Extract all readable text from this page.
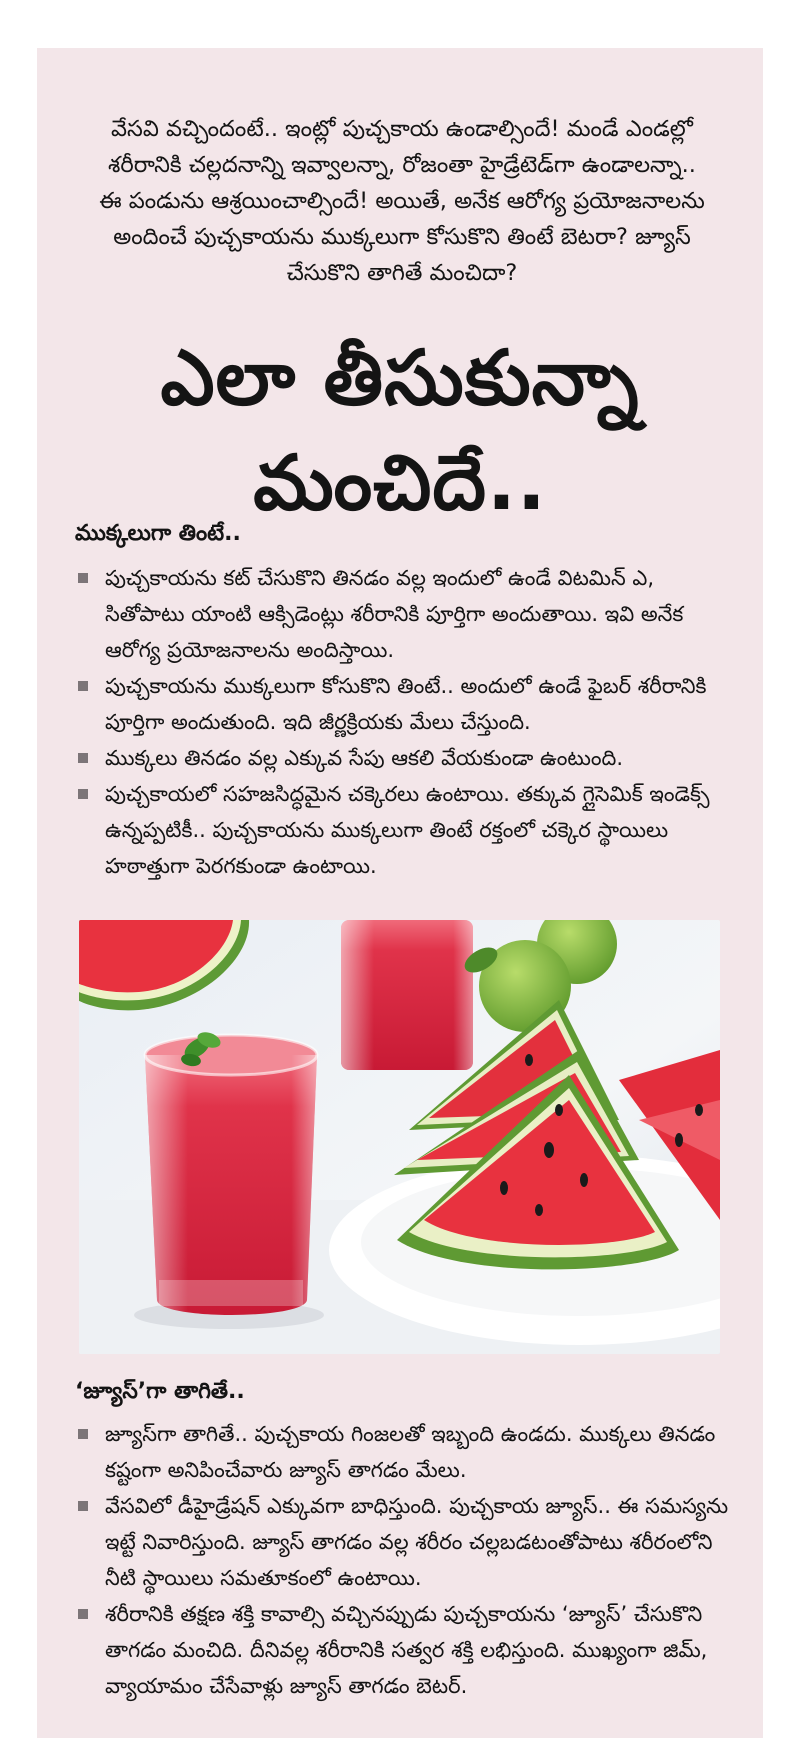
వేసవి వచ్చిందంటే.. ఇంట్లో పుచ్చకాయ ఉండాల్సిందే! మండే ఎండల్లో శరీరానికి చల్లదనాన్ని ఇవ్వాలన్నా, రోజంతా హైడ్రేటెడ్‌గా ఉండాలన్నా.. ఈ పండును ఆశ్రయించాల్సిందే! అయితే, అనేక ఆరోగ్య ప్రయోజనాలను అందించే పుచ్చకాయను ముక్కలుగా కోసుకొని తింటే బెటరా? జ్యూస్ చేసుకొని తాగితే మంచిదా?

ఎలా తీసుకున్నా
మంచిదే..
ముక్కలుగా తింటే..
పుచ్చకాయను కట్ చేసుకొని తినడం వల్ల ఇందులో ఉండే విటమిన్ ఎ, సితోపాటు యాంటి ఆక్సిడెంట్లు శరీరానికి పూర్తిగా అందుతాయి. ఇవి అనేక ఆరోగ్య ప్రయోజనాలను అందిస్తాయి.
పుచ్చకాయను ముక్కలుగా కోసుకొని తింటే.. అందులో ఉండే ఫైబర్ శరీరానికి పూర్తిగా అందుతుంది. ఇది జీర్ణక్రియకు మేలు చేస్తుంది.
ముక్కలు తినడం వల్ల ఎక్కువ సేపు ఆకలి వేయకుండా ఉంటుంది.
పుచ్చకాయలో సహజసిద్ధమైన చక్కెరలు ఉంటాయి. తక్కువ గ్లైసెమిక్ ఇండెక్స్ ఉన్నప్పటికీ.. పుచ్చకాయను ముక్కలుగా తింటే రక్తంలో చక్కెర స్థాయిలు హఠాత్తుగా పెరగకుండా ఉంటాయి.
‘జ్యూస్’గా తాగితే..
జ్యూస్‌గా తాగితే.. పుచ్చకాయ గింజలతో ఇబ్బంది ఉండదు. ముక్కలు తినడం కష్టంగా అనిపించేవారు జ్యూస్ తాగడం మేలు.
వేసవిలో డీహైడ్రేషన్ ఎక్కువగా బాధిస్తుంది. పుచ్చకాయ జ్యూస్.. ఈ సమస్యను ఇట్టే నివారిస్తుంది. జ్యూస్ తాగడం వల్ల శరీరం చల్లబడటంతోపాటు శరీరంలోని నీటి స్థాయిలు సమతూకంలో ఉంటాయి.
శరీరానికి తక్షణ శక్తి కావాల్సి వచ్చినప్పుడు పుచ్చకాయను ‘జ్యూస్’ చేసుకొని తాగడం మంచిది. దీనివల్ల శరీరానికి సత్వర శక్తి లభిస్తుంది. ముఖ్యంగా జిమ్, వ్యాయామం చేసేవాళ్లు జ్యూస్ తాగడం బెటర్.
